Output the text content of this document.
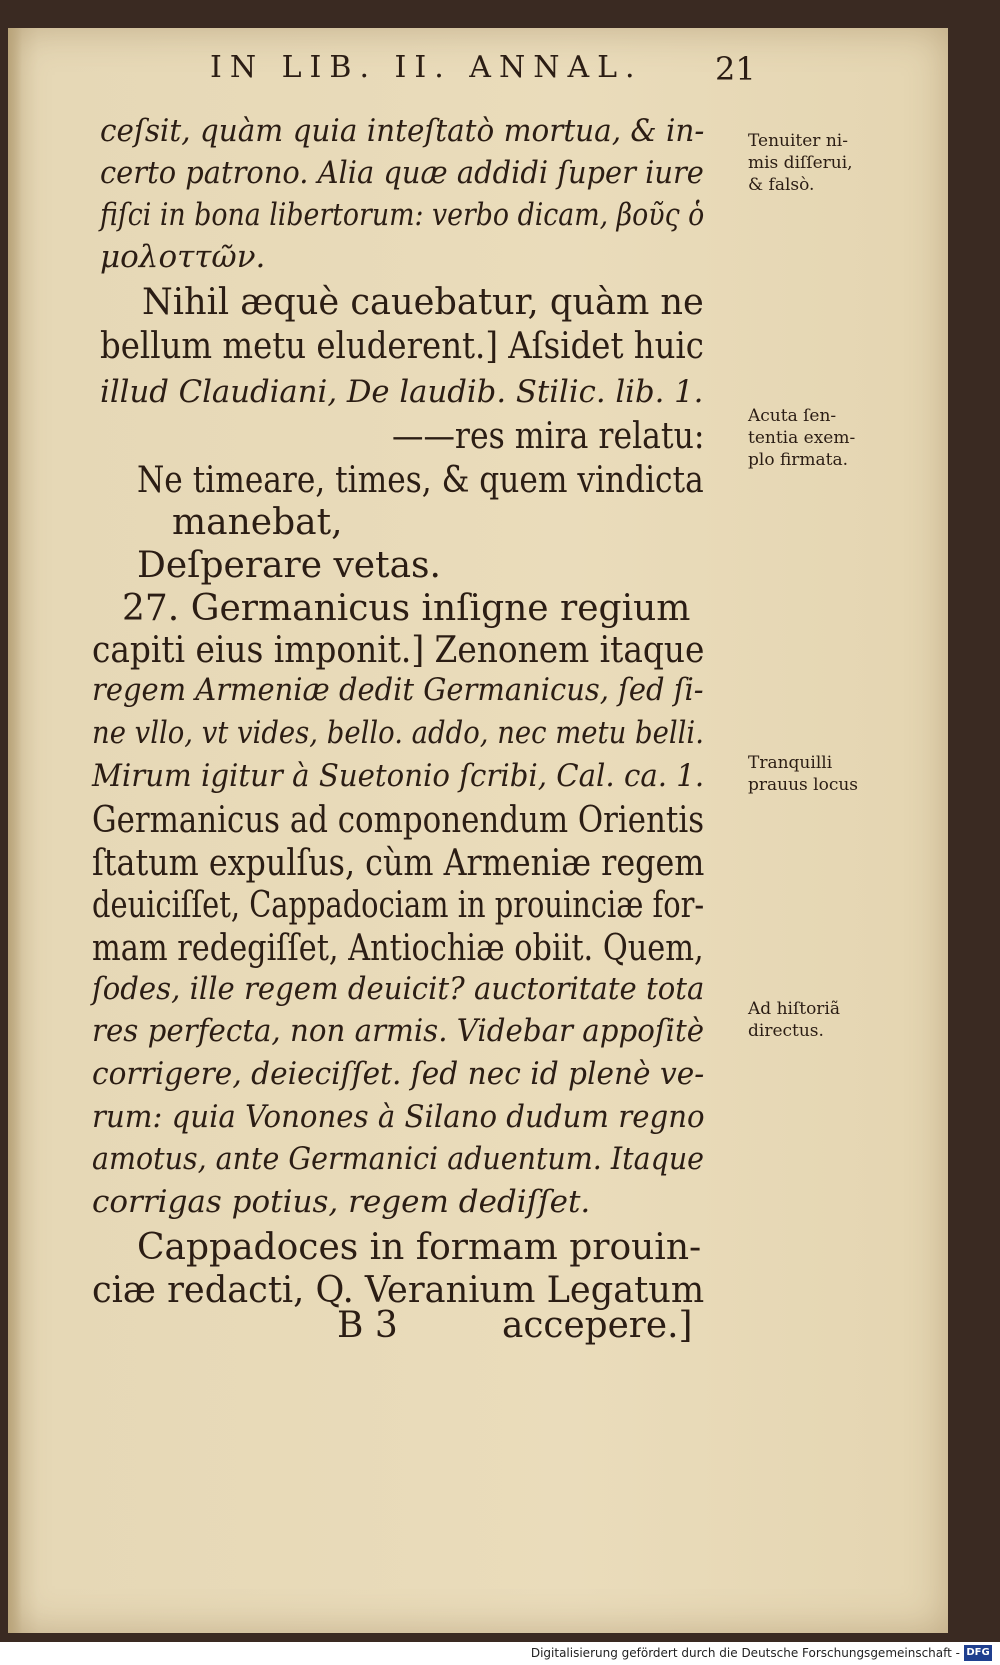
IN LIB. II. ANNAL. 21
ceſsit, quàm quia inteſtatò mortua, & in-
certo patrono. Alia quæ addidi ſuper iure
fiſci in bona libertorum: verbo dicam, βοῦς ὁ
μολοττῶν.
Nihil æquè cauebatur, quàm ne
bellum metu eluderent.] Aſsidet huic
illud Claudiani, De laudib. Stilic. lib. 1.
——res mira relatu:
Ne timeare, times, & quem vindicta
manebat,
Deſperare vetas.
27. Germanicus inſigne regium
capiti eius imponit.] Zenonem itaque
regem Armeniæ dedit Germanicus, ſed ſi-
ne vllo, vt vides, bello. addo, nec metu belli.
Mirum igitur à Suetonio ſcribi, Cal. ca. 1.
Germanicus ad componendum Orientis
ſtatum expulſus, cùm Armeniæ regem
deuiciſſet, Cappadociam in prouinciæ for-
mam redegiſſet, Antiochiæ obiit. Quem,
ſodes, ille regem deuicit? auctoritate tota
res perfecta, non armis. Videbar appoſitè
corrigere, deieciſſet. ſed nec id plenè ve-
rum: quia Vonones à Silano dudum regno
amotus, ante Germanici aduentum. Itaque
corrigas potius, regem dediſſet.
Cappadoces in formam prouin-
ciæ redacti, Q. Veranium Legatum
B 3	accepere.]
Tenuiter ni-
mis diſſerui,
& falsò.
Acuta ſen-
tentia exem-
plo firmata.
Tranquilli
prauus locus
Ad hiſtoriã
directus.
Digitalisierung gefördert durch die Deutsche Forschungsgemeinschaft - DFG
